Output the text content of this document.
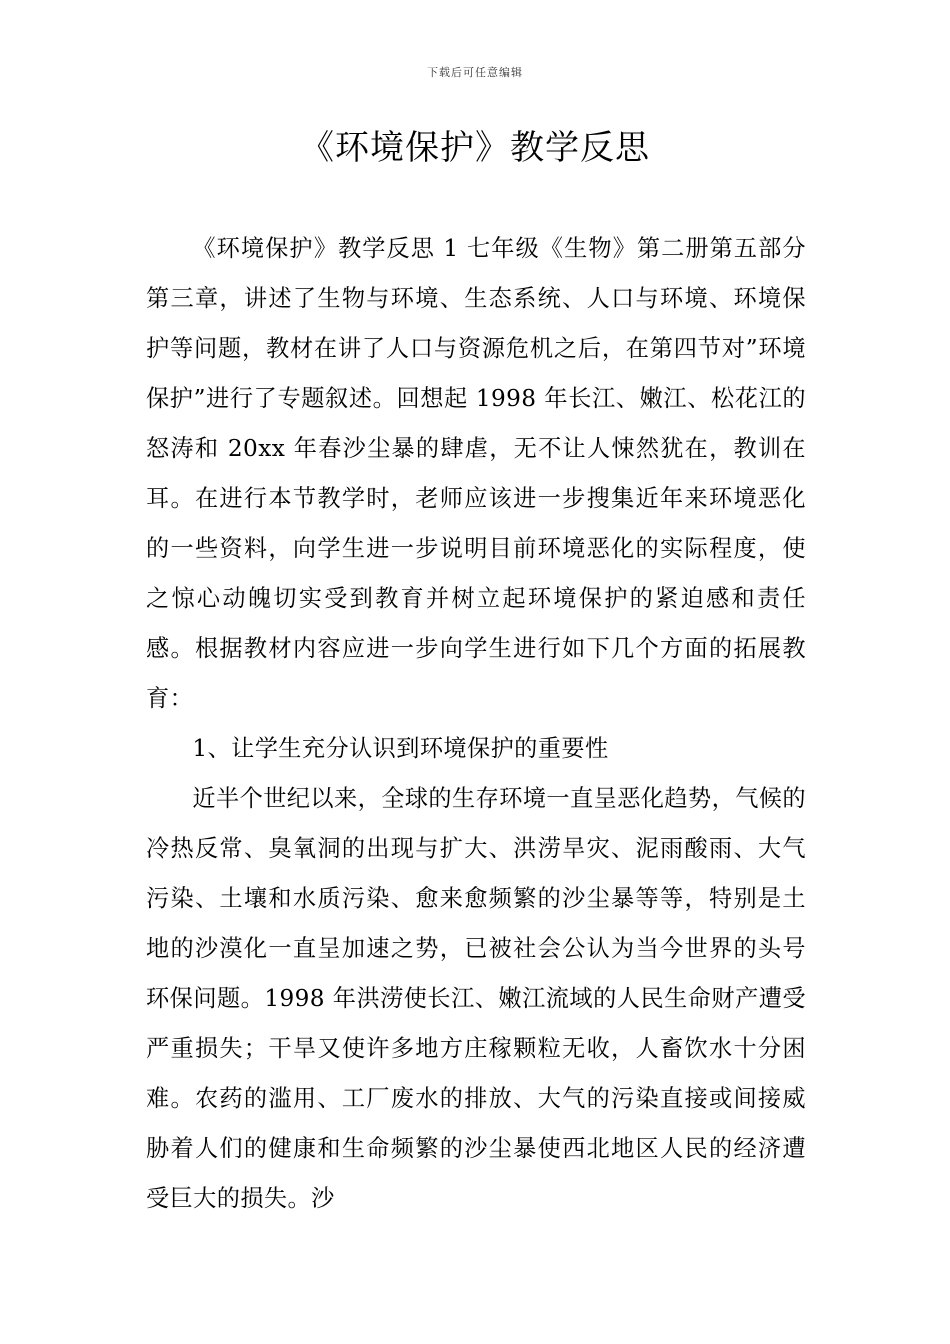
下载后可任意编辑
《环境保护》教学反思

《环境保护》教学反思 1 七年级《生物》第二册第五部分第三章，讲述了生物与环境、生态系统、人口与环境、环境保护等问题，教材在讲了人口与资源危机之后，在第四节对”环境保护”进行了专题叙述。回想起 1998 年长江、嫩江、松花江的怒涛和 20xx 年春沙尘暴的肆虐，无不让人悚然犹在，教训在耳。在进行本节教学时，老师应该进一步搜集近年来环境恶化的一些资料，向学生进一步说明目前环境恶化的实际程度，使之惊心动魄切实受到教育并树立起环境保护的紧迫感和责任感。根据教材内容应进一步向学生进行如下几个方面的拓展教育：

1、让学生充分认识到环境保护的重要性

近半个世纪以来，全球的生存环境一直呈恶化趋势，气候的冷热反常、臭氧洞的出现与扩大、洪涝旱灾、泥雨酸雨、大气污染、土壤和水质污染、愈来愈频繁的沙尘暴等等，特别是土地的沙漠化一直呈加速之势，已被社会公认为当今世界的头号环保问题。1998 年洪涝使长江、嫩江流域的人民生命财产遭受严重损失；干旱又使许多地方庄稼颗粒无收，人畜饮水十分困难。农药的滥用、工厂废水的排放、大气的污染直接或间接威胁着人们的健康和生命频繁的沙尘暴使西北地区人民的经济遭受巨大的损失。沙
